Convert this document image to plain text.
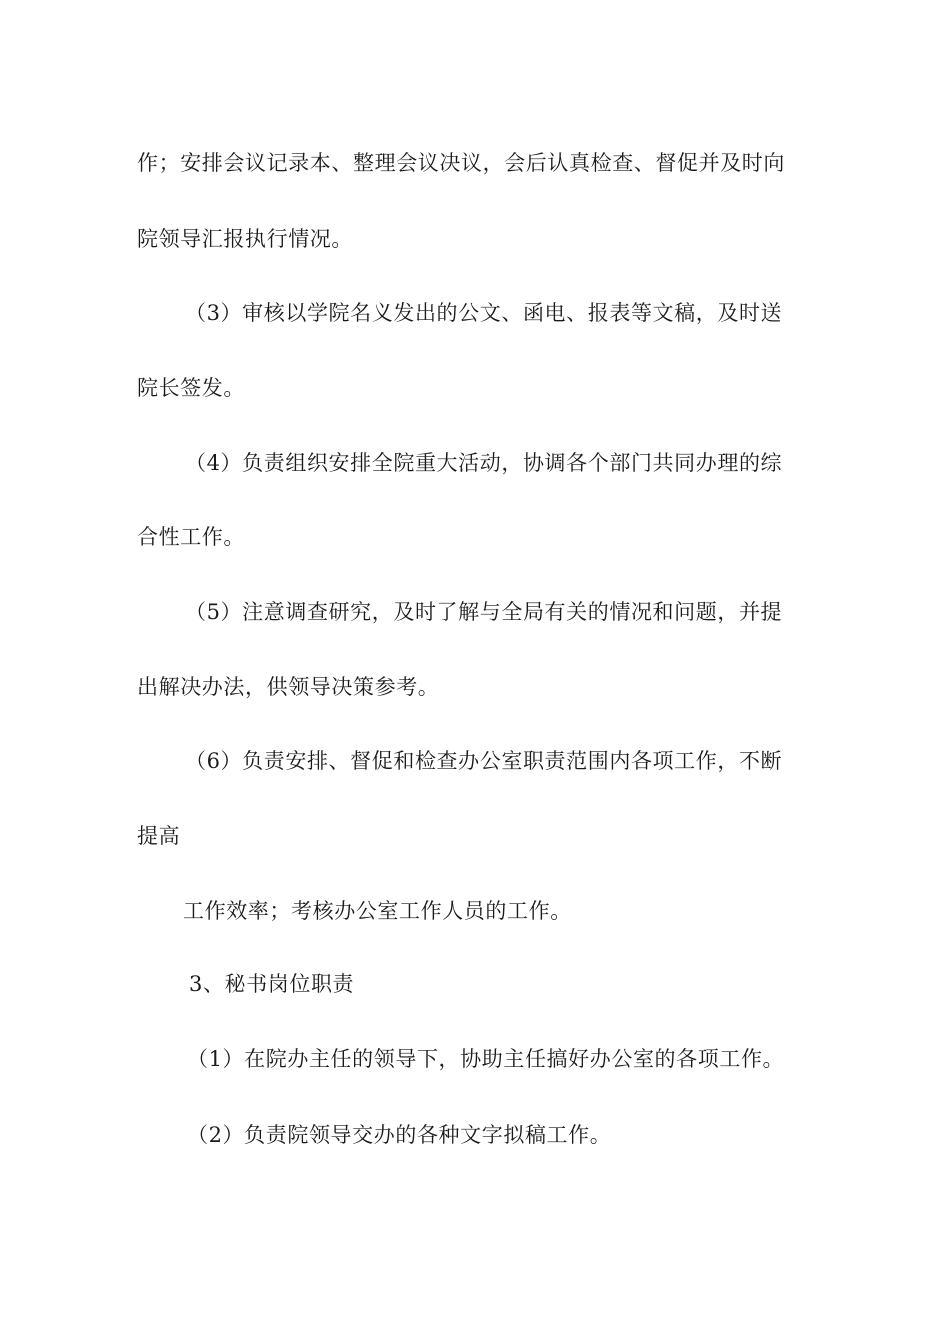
作；安排会议记录本、整理会议决议，会后认真检查、督促并及时向
院领导汇报执行情况。
（3）审核以学院名义发出的公文、函电、报表等文稿，及时送
院长签发。
（4）负责组织安排全院重大活动，协调各个部门共同办理的综
合性工作。
（5）注意调查研究，及时了解与全局有关的情况和问题，并提
出解决办法，供领导决策参考。
（6）负责安排、督促和检查办公室职责范围内各项工作，不断
提高
工作效率；考核办公室工作人员的工作。
3、秘书岗位职责
（1）在院办主任的领导下，协助主任搞好办公室的各项工作。
（2）负责院领导交办的各种文字拟稿工作。
